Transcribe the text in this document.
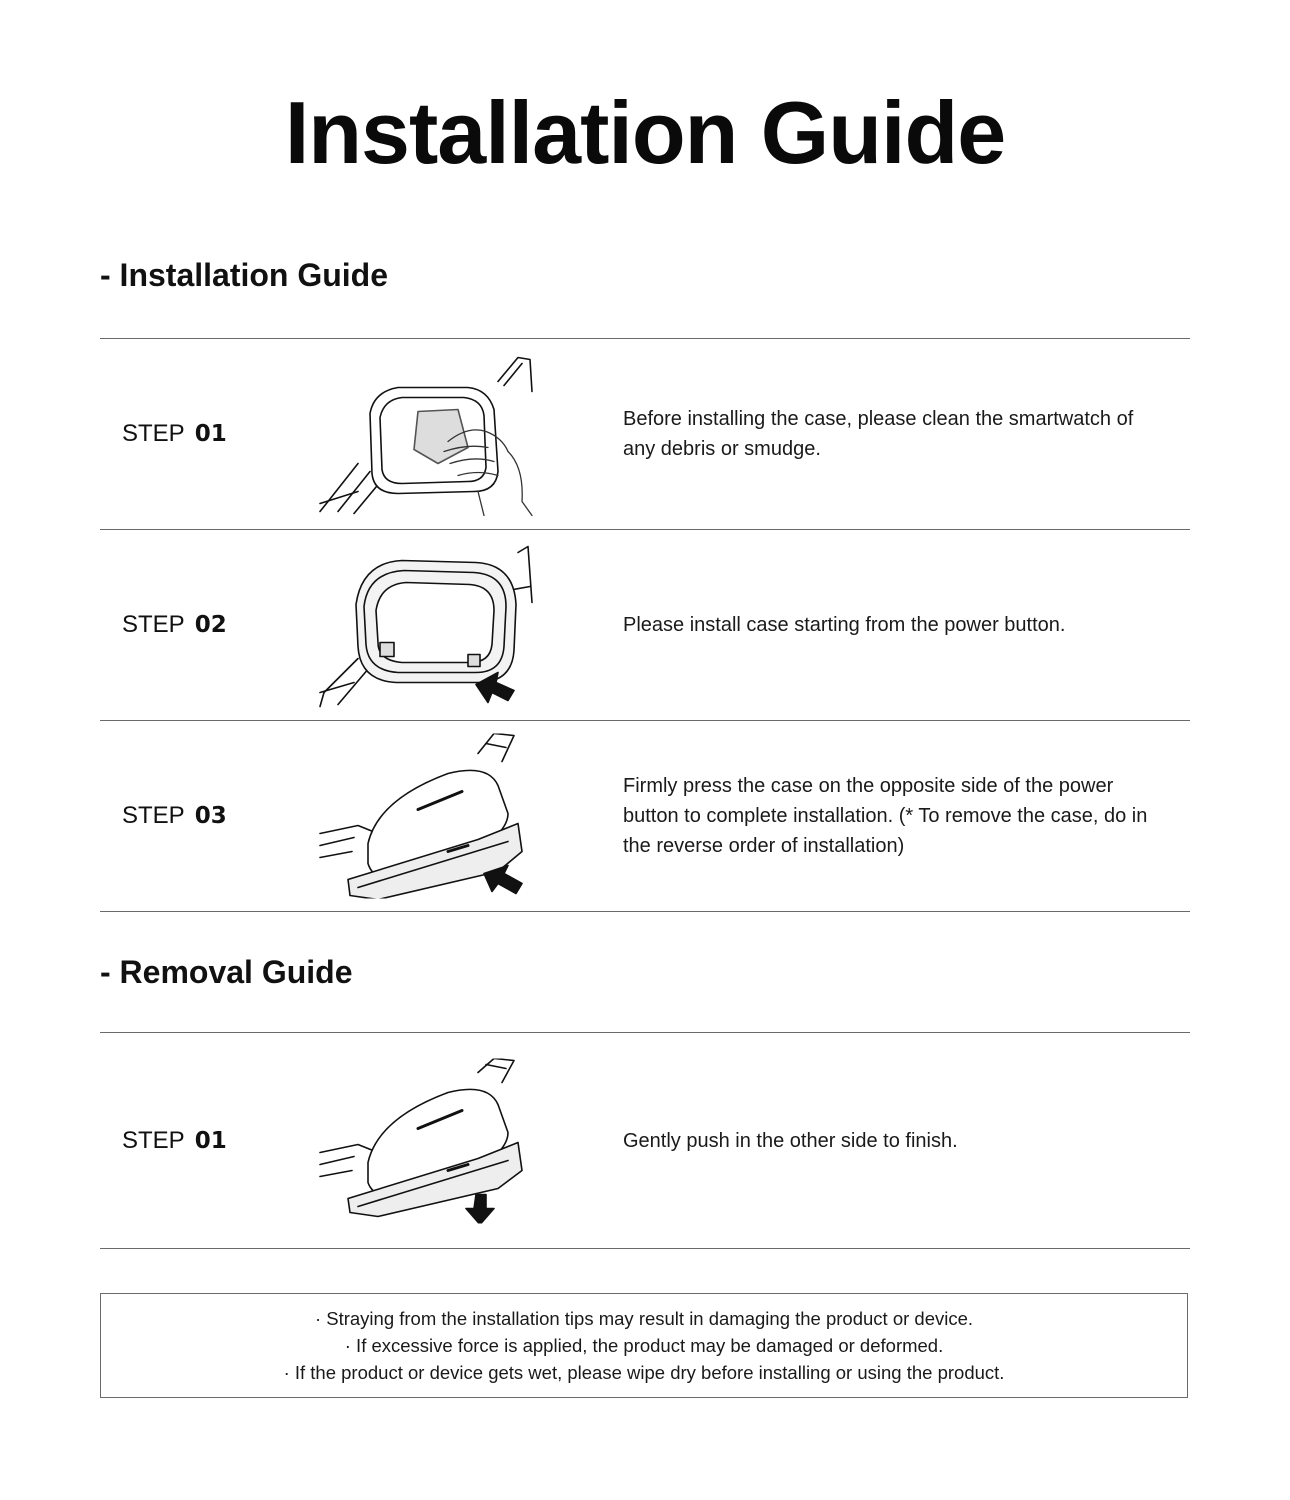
Installation Guide
- Installation Guide
STEP 01
Before installing the case, please clean the smartwatch of any debris or smudge.
STEP 02	Please install case starting from the power button.
STEP 03
Firmly press the case on the opposite side of the power button to complete installation. (* To remove the case, do in the reverse order of installation)
- Removal Guide
STEP 01	Gently push in the other side to finish.
· Straying from the installation tips may result in damaging the product or device.
· If excessive force is applied, the product may be damaged or deformed.
· If the product or device gets wet, please wipe dry before installing or using the product.
